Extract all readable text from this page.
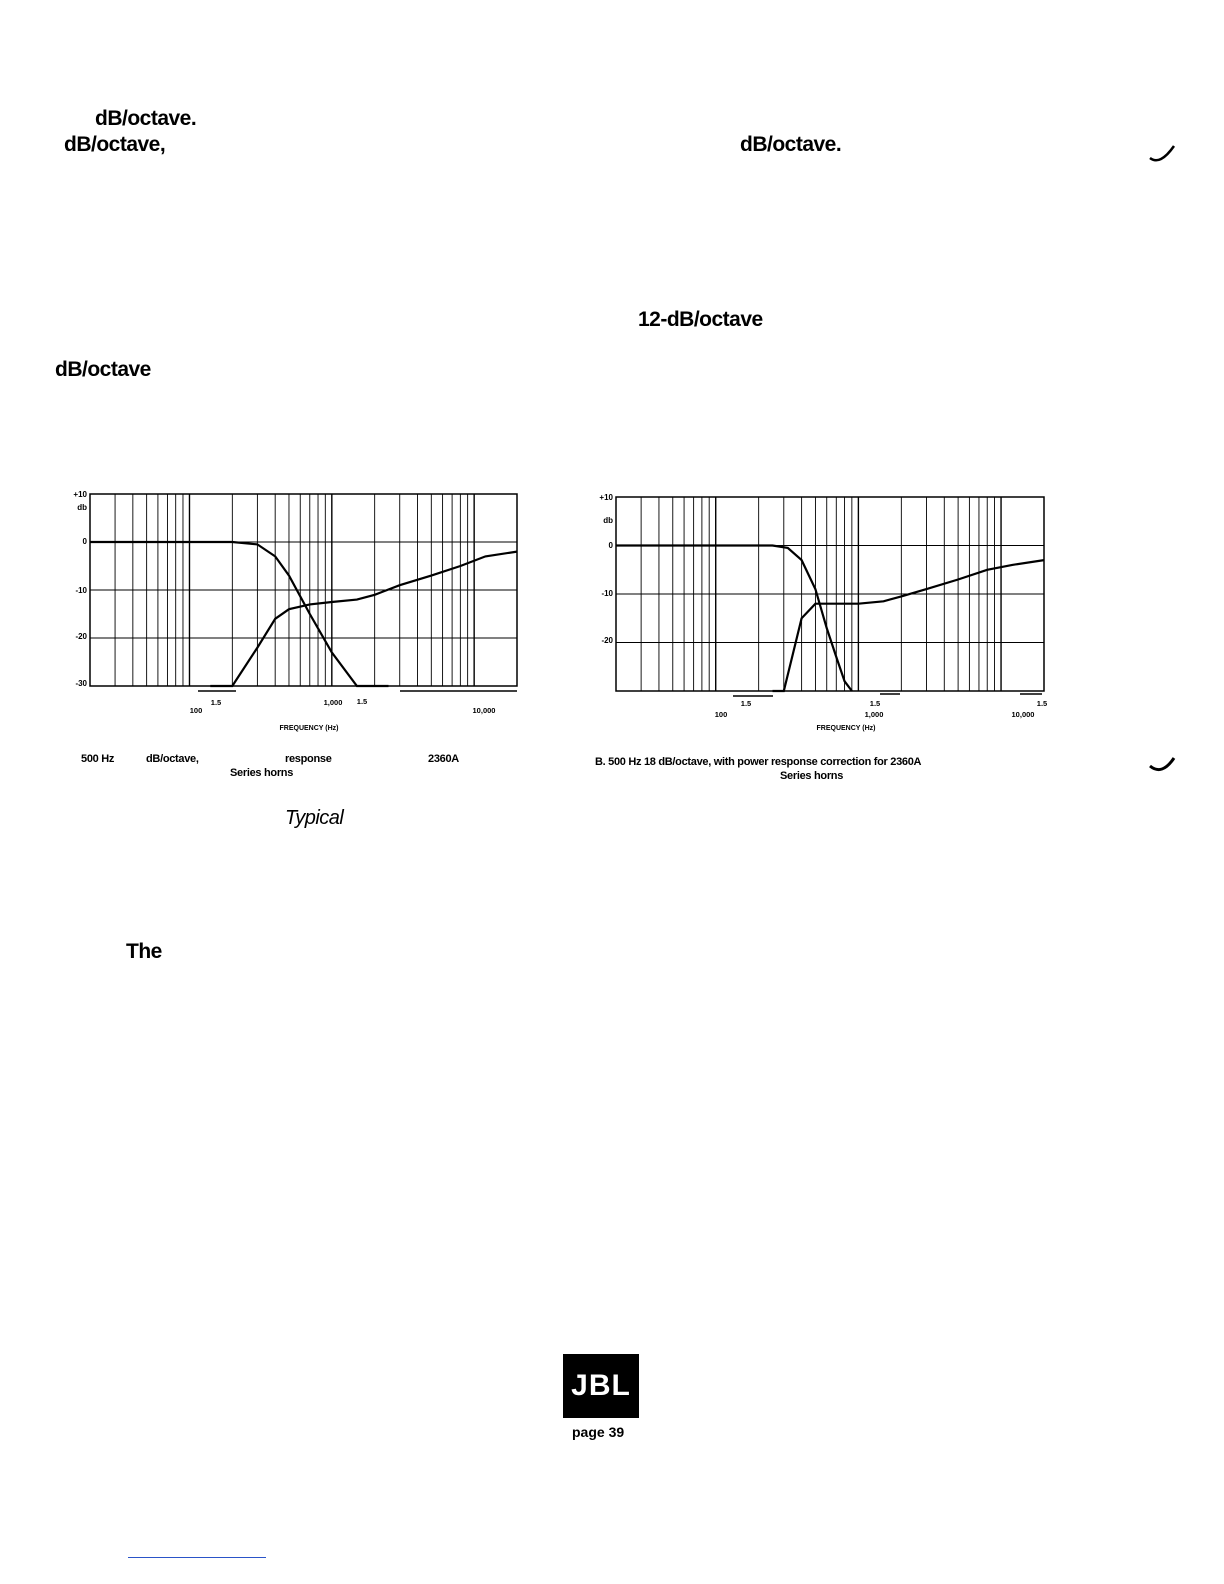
dB/octave.
dB/octave,	dB/octave.
12-dB/octave
dB/octave
Typical
The
+10
db
0
-10
-20
-30
100
1.5	1,000 1.5
10,000
FREQUENCY (Hz)
500 Hz	dB/octave,	response	2360A
Series horns
+10
db
0
-10
-20
1.5
100	1,000
1.5	1.5
10,000
FREQUENCY (Hz)
B. 500 Hz 18 dB/octave, with power response correction for 2360A
Series horns
JBL
page 39
